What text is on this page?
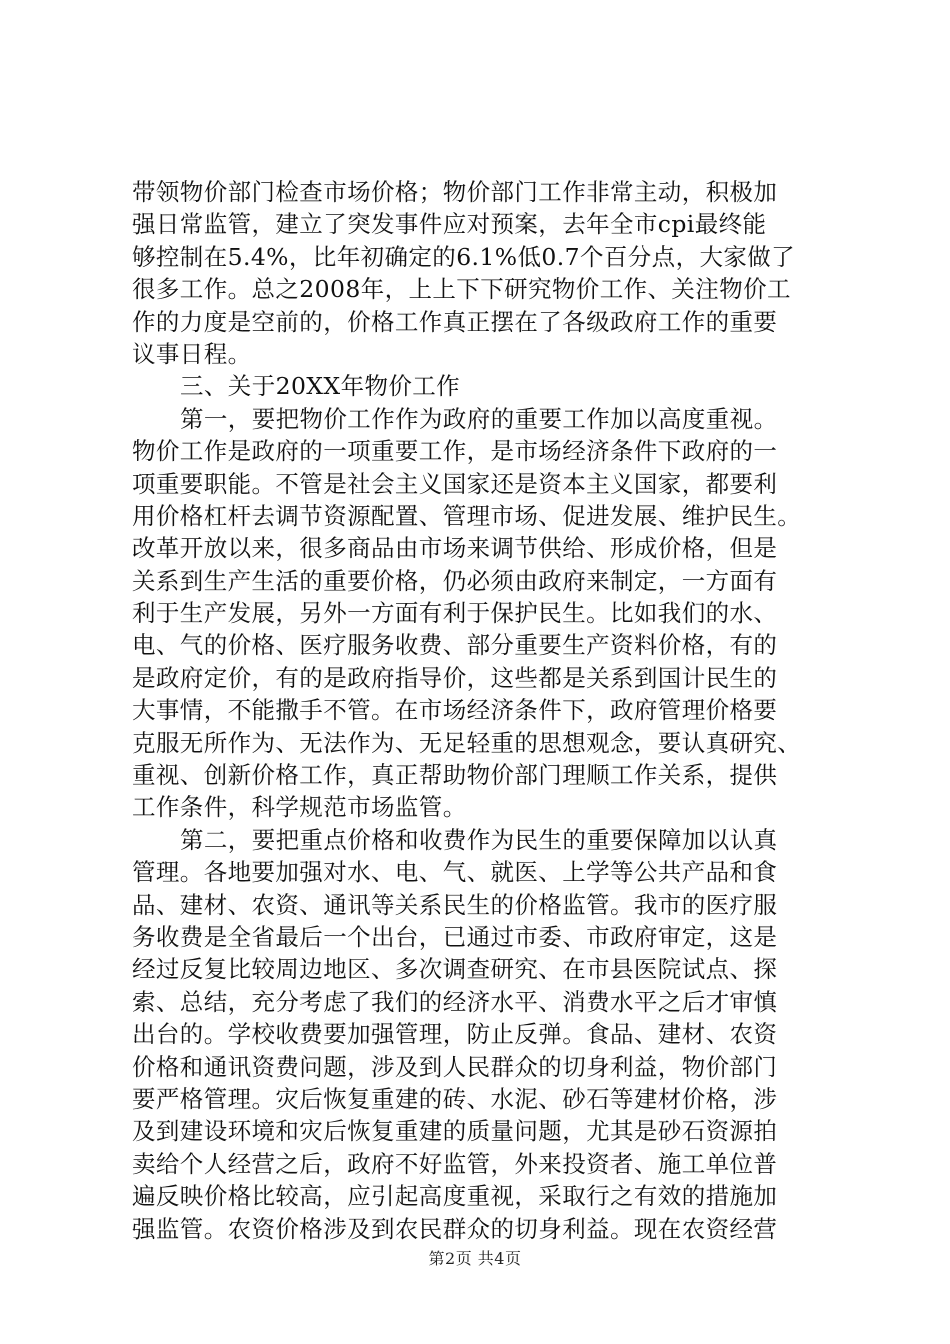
带领物价部门检查市场价格；物价部门工作非常主动，积极加
强日常监管，建立了突发事件应对预案，去年全市cpi最终能
够控制在5.4%，比年初确定的6.1%低0.7个百分点，大家做了
很多工作。总之2008年，上上下下研究物价工作、关注物价工
作的力度是空前的，价格工作真正摆在了各级政府工作的重要
议事日程。
三、关于20XX年物价工作
第一，要把物价工作作为政府的重要工作加以高度重视。
物价工作是政府的一项重要工作，是市场经济条件下政府的一
项重要职能。不管是社会主义国家还是资本主义国家，都要利
用价格杠杆去调节资源配置、管理市场、促进发展、维护民生。
改革开放以来，很多商品由市场来调节供给、形成价格，但是
关系到生产生活的重要价格，仍必须由政府来制定，一方面有
利于生产发展，另外一方面有利于保护民生。比如我们的水、
电、气的价格、医疗服务收费、部分重要生产资料价格，有的
是政府定价，有的是政府指导价，这些都是关系到国计民生的
大事情，不能撒手不管。在市场经济条件下，政府管理价格要
克服无所作为、无法作为、无足轻重的思想观念，要认真研究、
重视、创新价格工作，真正帮助物价部门理顺工作关系，提供
工作条件，科学规范市场监管。
第二，要把重点价格和收费作为民生的重要保障加以认真
管理。各地要加强对水、电、气、就医、上学等公共产品和食
品、建材、农资、通讯等关系民生的价格监管。我市的医疗服
务收费是全省最后一个出台，已通过市委、市政府审定，这是
经过反复比较周边地区、多次调查研究、在市县医院试点、探
索、总结，充分考虑了我们的经济水平、消费水平之后才审慎
出台的。学校收费要加强管理，防止反弹。食品、建材、农资
价格和通讯资费问题，涉及到人民群众的切身利益，物价部门
要严格管理。灾后恢复重建的砖、水泥、砂石等建材价格，涉
及到建设环境和灾后恢复重建的质量问题，尤其是砂石资源拍
卖给个人经营之后，政府不好监管，外来投资者、施工单位普
遍反映价格比较高，应引起高度重视，采取行之有效的措施加
强监管。农资价格涉及到农民群众的切身利益。现在农资经营
第2页 共4页
